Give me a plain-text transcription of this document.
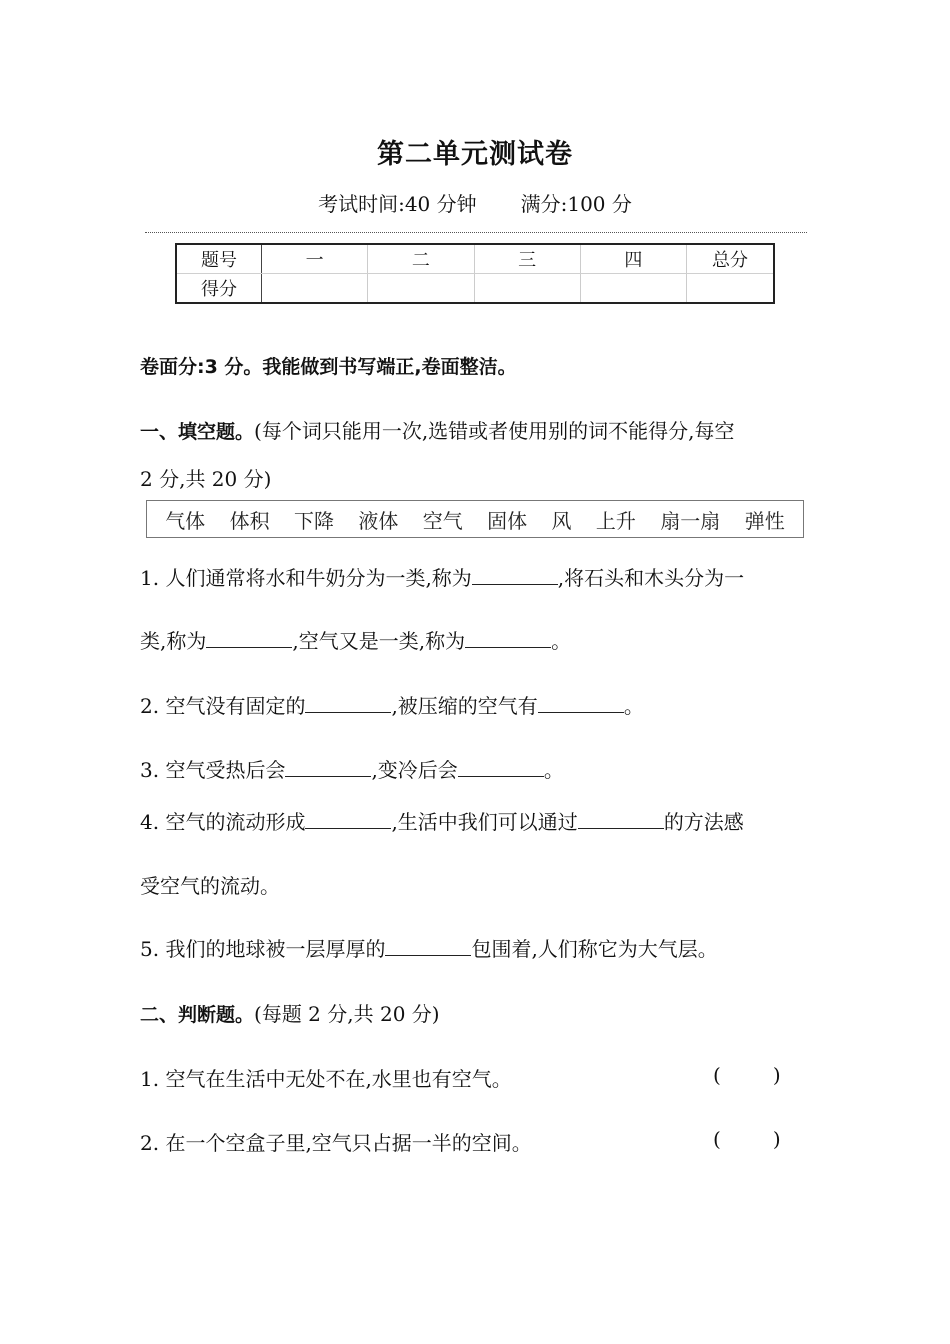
第二单元测试卷
考试时间:40 分钟 满分:100 分
题号	一	二	三	四	总分
得分					
卷面分:3 分。我能做到书写端正,卷面整洁。
一、填空题。(每个词只能用一次,选错或者使用别的词不能得分,每空
2 分,共 20 分)
气体 体积 下降 液体 空气 固体 风 上升 扇一扇 弹性
1. 人们通常将水和牛奶分为一类,称为	,将石头和木头分为一
类,称为	,空气又是一类,称为	。
2. 空气没有固定的	,被压缩的空气有	。
3. 空气受热后会	,变冷后会	。
4. 空气的流动形成	,生活中我们可以通过	的方法感
受空气的流动。
5. 我们的地球被一层厚厚的	包围着,人们称它为大气层。
二、判断题。(每题 2 分,共 20 分)
1. 空气在生活中无处不在,水里也有空气。	(	)
2. 在一个空盒子里,空气只占据一半的空间。	(	)
